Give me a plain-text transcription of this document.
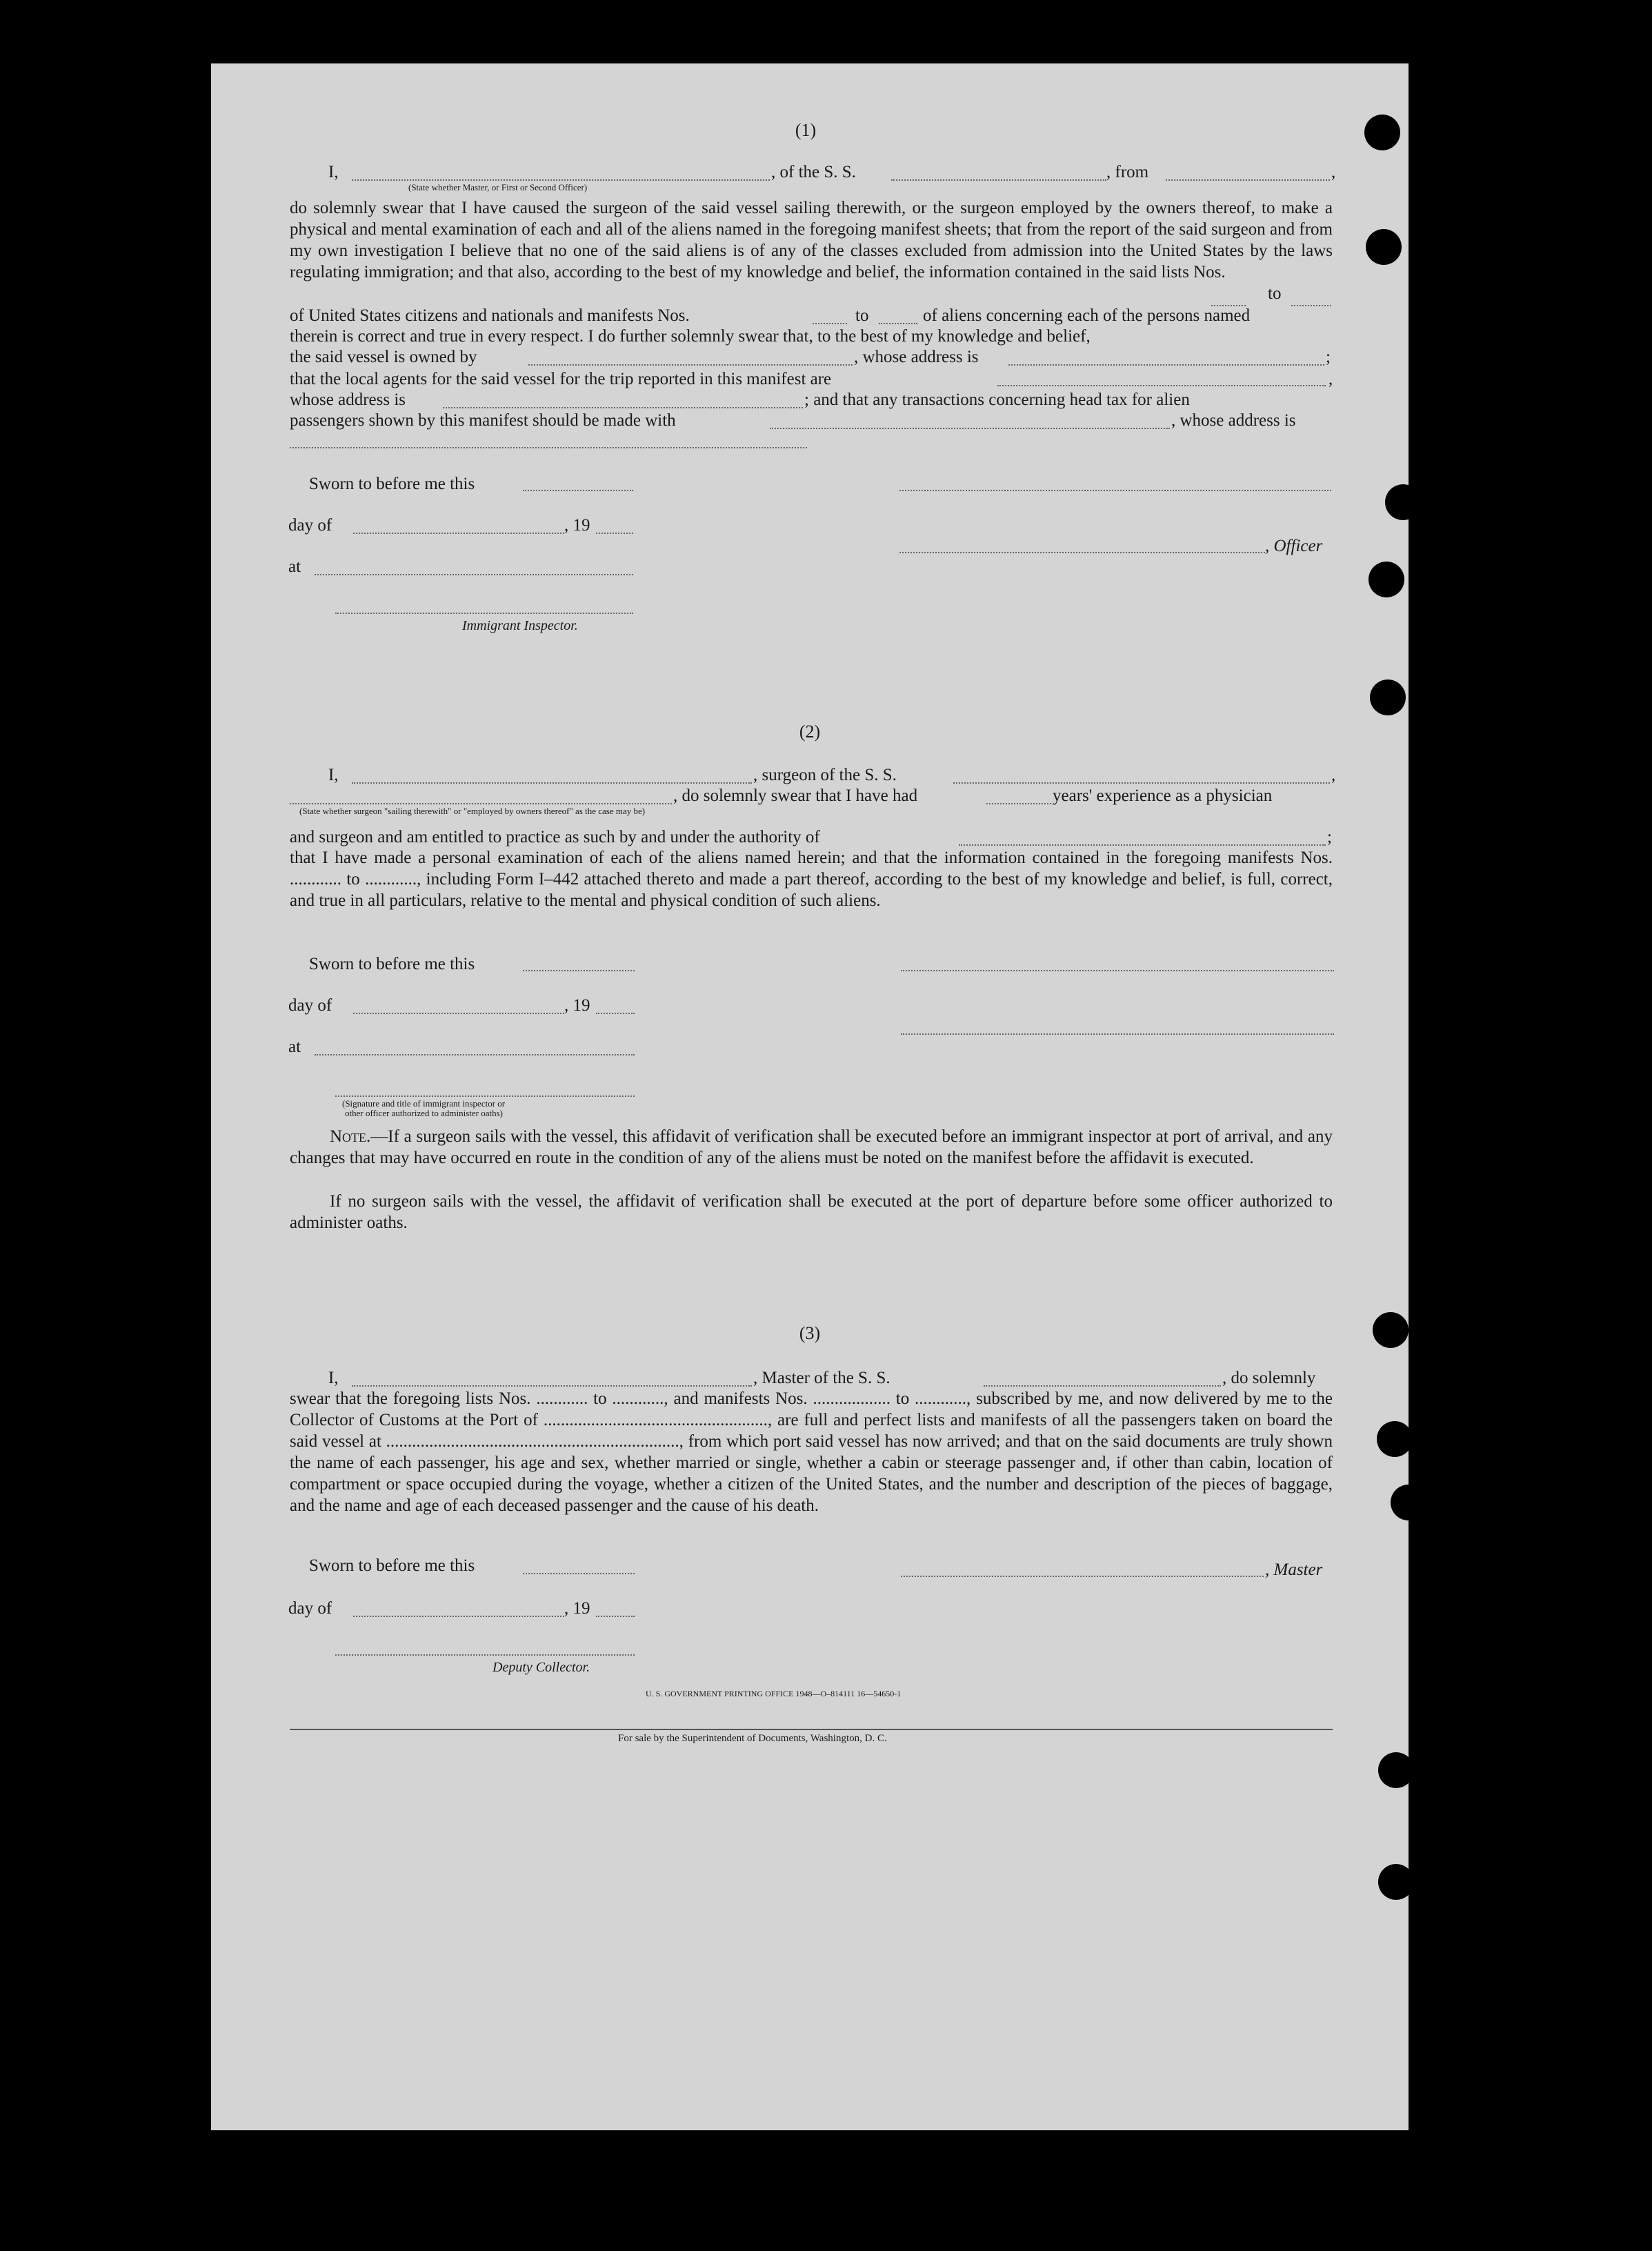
(1)
I,
(State whether Master, or First or Second Officer)
, of the S. S.	, from	,
do solemnly swear that I have caused the surgeon of the said vessel sailing therewith, or the surgeon employed by the owners thereof, to make a physical and mental examination of each and all of the aliens named in the foregoing manifest sheets; that from the report of the said surgeon and from my own investigation I believe that no one of the said aliens is of any of the classes excluded from admission into the United States by the laws regulating immigration; and that also, according to the best of my knowledge and belief, the information contained in the said lists Nos.
to
of United States citizens and nationals and manifests Nos.	to	of aliens concerning each of the persons named
therein is correct and true in every respect. I do further solemnly swear that, to the best of my knowledge and belief,
the said vessel is owned by	, whose address is	;
that the local agents for the said vessel for the trip reported in this manifest are	,
whose address is	; and that any transactions concerning head tax for alien
passengers shown by this manifest should be made with	, whose address is
Sworn to before me this
day of	, 19
, Officer
at
Immigrant Inspector.
(2)
I,	, surgeon of the S. S.	,
(State whether surgeon "sailing therewith" or "employed by owners thereof" as the case may be)
, do solemnly swear that I have had	years' experience as a physician
and surgeon and am entitled to practice as such by and under the authority of	;
that I have made a personal examination of each of the aliens named herein; and that the information contained in the foregoing manifests Nos. ............ to ............, including Form I–442 attached thereto and made a part thereof, according to the best of my knowledge and belief, is full, correct, and true in all particulars, relative to the mental and physical condition of such aliens.
Sworn to before me this
day of	, 19
at
(Signature and title of immigrant inspector or
other officer authorized to administer oaths)
Note.—If a surgeon sails with the vessel, this affidavit of verification shall be executed before an immigrant inspector at port of arrival, and any changes that may have occurred en route in the condition of any of the aliens must be noted on the manifest before the affidavit is executed.
If no surgeon sails with the vessel, the affidavit of verification shall be executed at the port of departure before some officer authorized to administer oaths.
(3)
I,	, Master of the S. S.	, do solemnly
swear that the foregoing lists Nos. ............ to ............, and manifests Nos. .................. to ............, subscribed by me, and now delivered by me to the Collector of Customs at the Port of ...................................................., are full and perfect lists and manifests of all the passengers taken on board the said vessel at ...................................................................., from which port said vessel has now arrived; and that on the said documents are truly shown the name of each passenger, his age and sex, whether married or single, whether a cabin or steerage passenger and, if other than cabin, location of compartment or space occupied during the voyage, whether a citizen of the United States, and the number and description of the pieces of baggage, and the name and age of each deceased passenger and the cause of his death.
Sworn to before me this	, Master
day of	, 19
Deputy Collector.
U. S. GOVERNMENT PRINTING OFFICE 1948—O–814111 16—54650-1
For sale by the Superintendent of Documents, Washington, D. C.
